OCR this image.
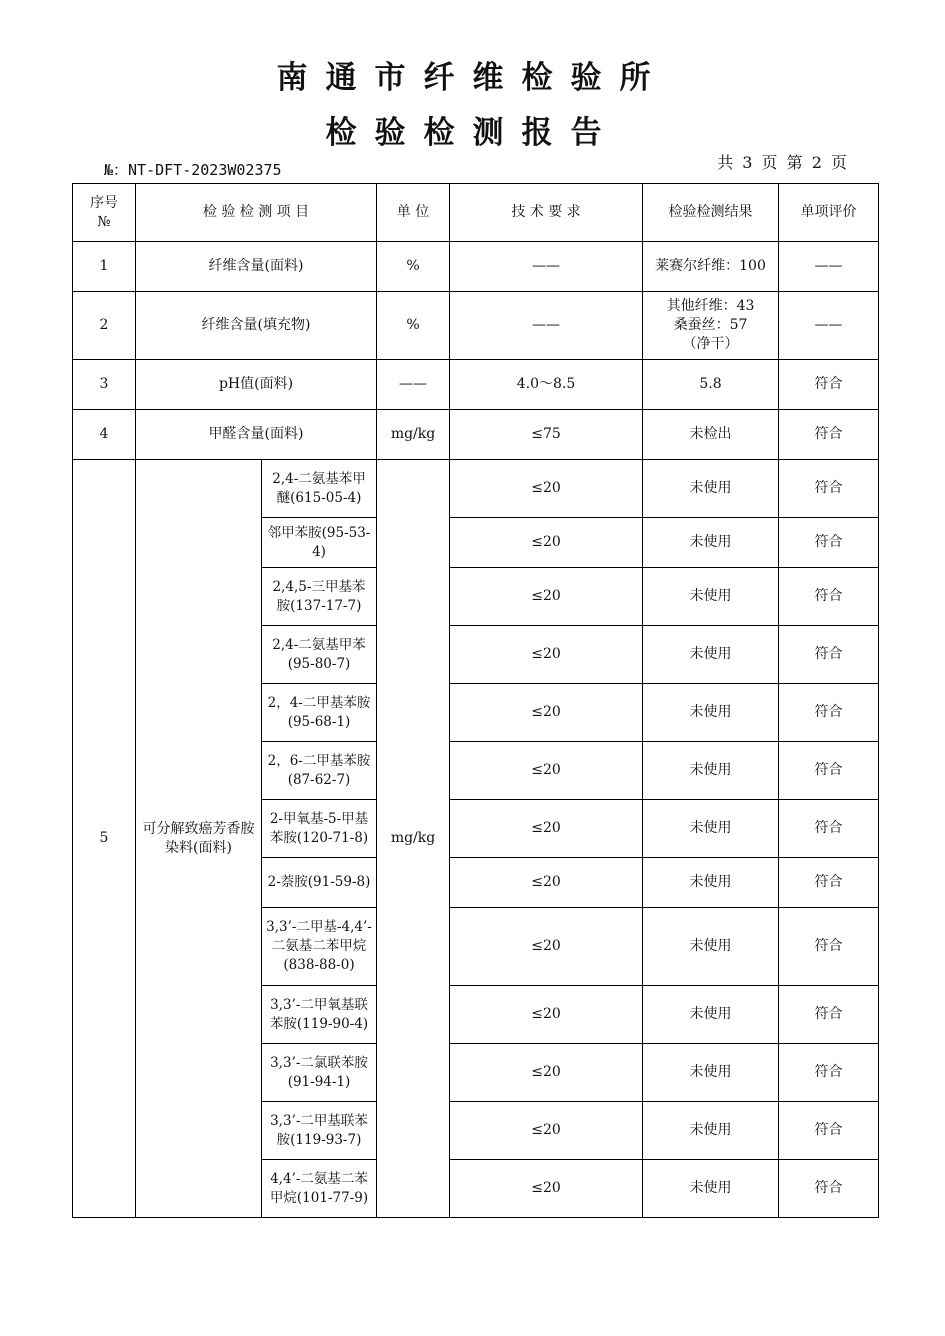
南通市纤维检验所
检验检测报告
№：NT-DFT-2023W02375	共 3 页 第 2 页
序号
№	检 验 检 测 项 目		单 位	技 术 要 求	检验检测结果	单项评价
1	纤维含量(面料)		%	——	莱赛尔纤维：100	——
2	纤维含量(填充物)		%	——	其他纤维：43
桑蚕丝：57
（净干）	——
3	pH值(面料)		——	4.0～8.5	5.8	符合
4	甲醛含量(面料)		mg/kg	≤75	未检出	符合
5	可分解致癌芳香胺染料(面料)	2,4-二氨基苯甲醚(615-05-4)	mg/kg	≤20	未使用	符合
		邻甲苯胺(95-53-4)		≤20	未使用	符合
		2,4,5-三甲基苯胺(137-17-7)		≤20	未使用	符合
		2,4-二氨基甲苯(95-80-7)		≤20	未使用	符合
		2，4-二甲基苯胺(95-68-1)		≤20	未使用	符合
		2，6-二甲基苯胺(87-62-7)		≤20	未使用	符合
		2-甲氧基-5-甲基苯胺(120-71-8)		≤20	未使用	符合
		2-萘胺(91-59-8)		≤20	未使用	符合
		3,3’-二甲基-4,4’-二氨基二苯甲烷(838-88-0)		≤20	未使用	符合
		3,3’-二甲氧基联苯胺(119-90-4)		≤20	未使用	符合
		3,3’-二氯联苯胺(91-94-1)		≤20	未使用	符合
		3,3’-二甲基联苯胺(119-93-7)		≤20	未使用	符合
		4,4’-二氨基二苯甲烷(101-77-9)		≤20	未使用	符合
